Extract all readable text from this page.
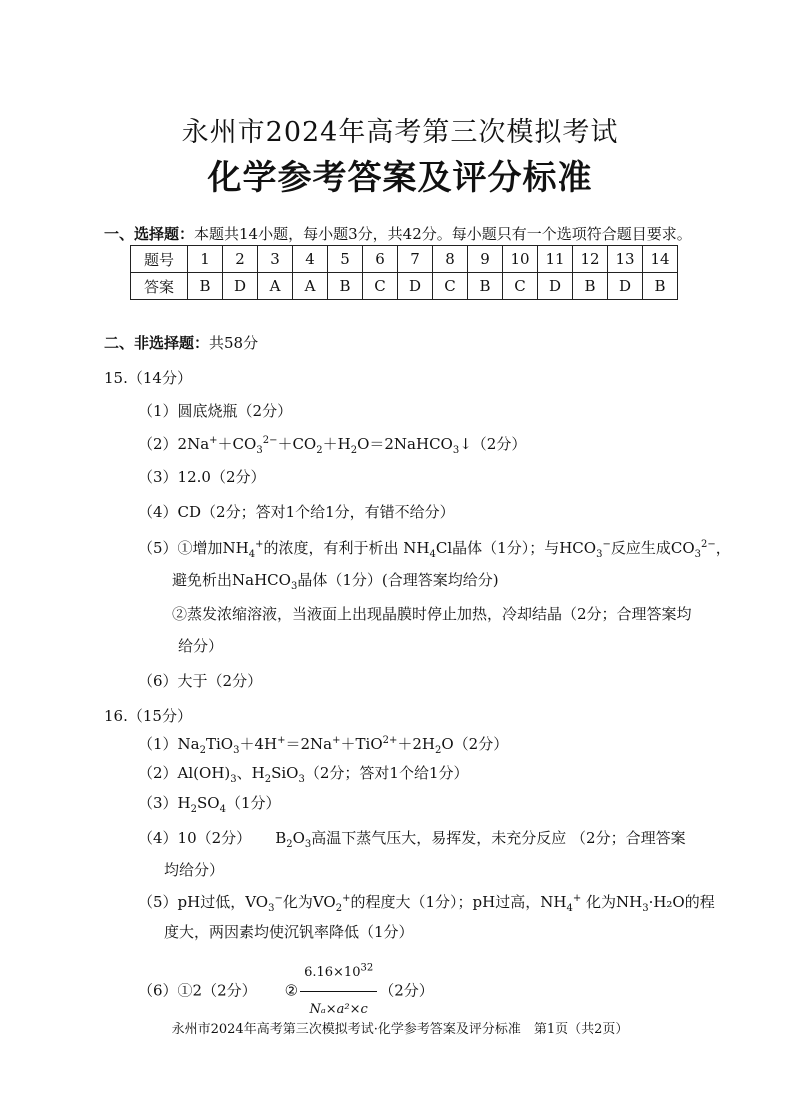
永州市2024年高考第三次模拟考试
化学参考答案及评分标准
一、选择题：本题共14小题，每小题3分，共42分。每小题只有一个选项符合题目要求。
题号	1	2	3	4	5	6	7	8	9	10	11	12	13	14
答案	B	D	A	A	B	C	D	C	B	C	D	B	D	B
二、非选择题：共58分
15.（14分）
（1）圆底烧瓶（2分）
$(2)2Na^++CO_3^{2-}+CO_2+H_2O=2NaHCO_3↓(2$分）
（3）12.0（2分）
（4）CD（2分；答对1个给1分，有错不给分）
（5）①增加$NH_4^+$的浓度，有利于析出 $NH_4Cl$晶体（1分）；与$HCO_3^-$反应生成$CO_3^{2-}$，
避免析出NaHCO$_3$晶体（1分）(合理答案均给分)
②蒸发浓缩溶液，当液面上出现晶膜时停止加热，冷却结晶（2分；合理答案均
给分）
（6）大于（2分）
16.（15分）
$(1)Na_2TiO_3+4H^+=2Na^++TiO^{2+}+2H_2O(2$分）
$(2)Al(OH)_3$、$H_2SiO_3(2$分；答对1个给1分）
$(3)H_2SO_4(1$分）
（4）10（2分） $B_2O_3$高温下蒸气压大，易挥发，未充分反应 （2分；合理答案
均给分）
（5）pH过低，$VO_3^-$化为$VO_2^+$的程度大（1分）；pH过高，$NH_4^+$ 化为$NH_3\cdot H_2O$的程
度大，两因素均使沉钒率降低（1分）
（6）①2（2分） ② $\frac{6.16\times 10^{32}}{\text{Nₐ×a²×c}} (2$分）
永州市2024年高考第三次模拟考试·化学参考答案及评分标准　第1页（共2页）
